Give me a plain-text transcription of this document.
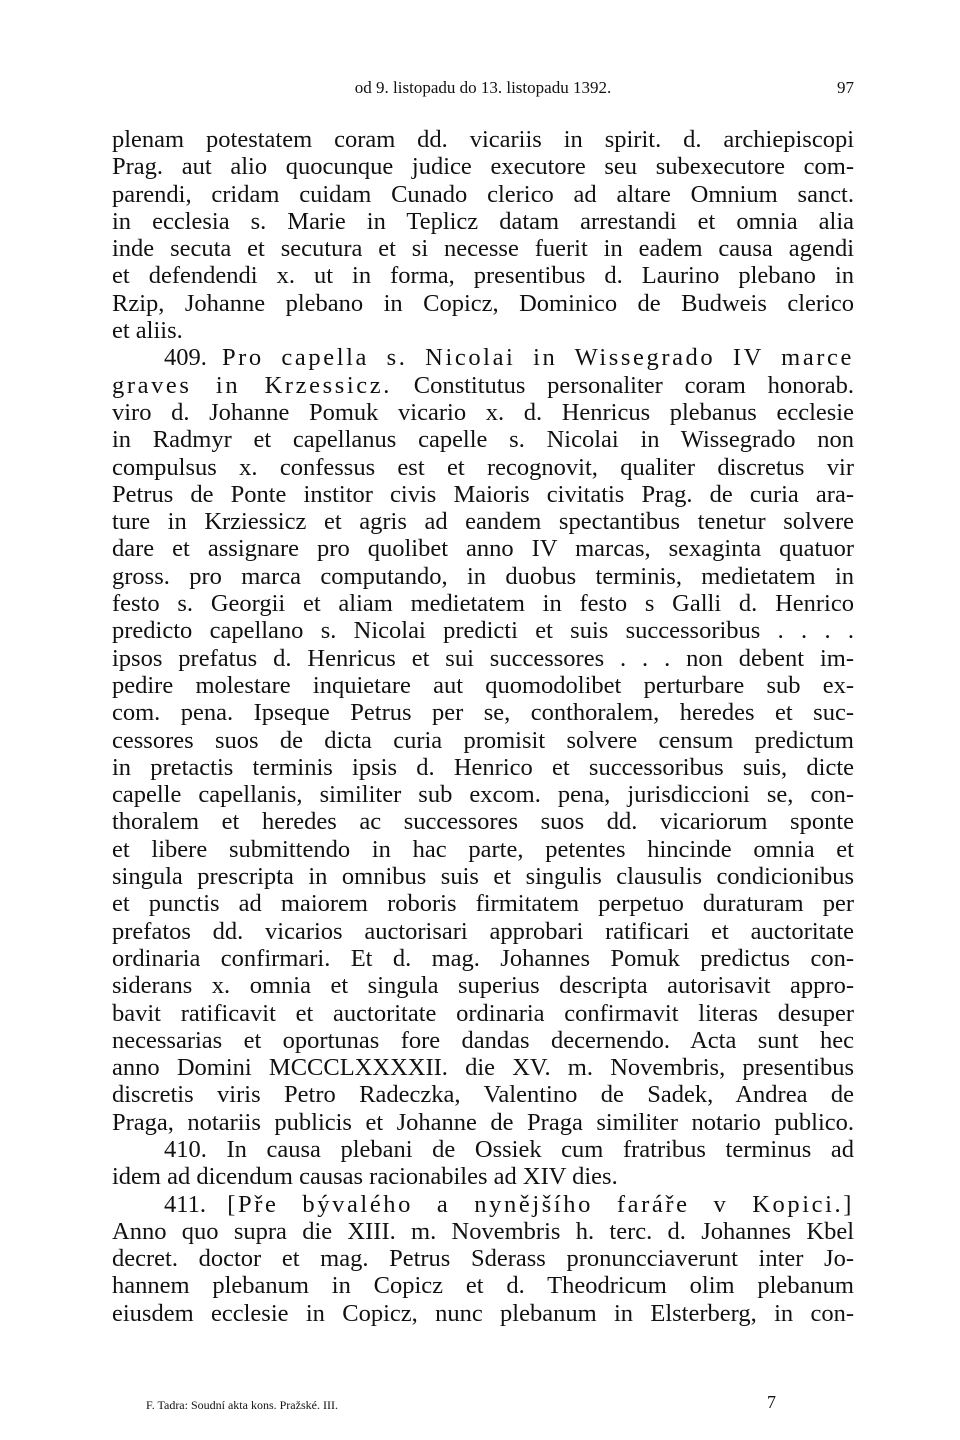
od 9. listopadu do 13. listopadu 1392.	97
plenam potestatem coram dd. vicariis in spirit. d. archiepiscopi
Prag. aut alio quocunque judice executore seu subexecutore com-
parendi, cridam cuidam Cunado clerico ad altare Omnium sanct.
in ecclesia s. Marie in Teplicz datam arrestandi et omnia alia
inde secuta et secutura et si necesse fuerit in eadem causa agendi
et defendendi x. ut in forma, presentibus d. Laurino plebano in
Rzip, Johanne plebano in Copicz, Dominico de Budweis clerico
et aliis.
409. Pro capella s. Nicolai in Wissegrado IV marce
graves in Krzessicz. Constitutus personaliter coram honorab.
viro d. Johanne Pomuk vicario x. d. Henricus plebanus ecclesie
in Radmyr et capellanus capelle s. Nicolai in Wissegrado non
compulsus x. confessus est et recognovit, qualiter discretus vir
Petrus de Ponte institor civis Maioris civitatis Prag. de curia ara-
ture in Krziessicz et agris ad eandem spectantibus tenetur solvere
dare et assignare pro quolibet anno IV marcas, sexaginta quatuor
gross. pro marca computando, in duobus terminis, medietatem in
festo s. Georgii et aliam medietatem in festo s Galli d. Henrico
predicto capellano s. Nicolai predicti et suis successoribus . . . .
ipsos prefatus d. Henricus et sui successores . . . non debent im-
pedire molestare inquietare aut quomodolibet perturbare sub ex-
com. pena. Ipseque Petrus per se, conthoralem, heredes et suc-
cessores suos de dicta curia promisit solvere censum predictum
in pretactis terminis ipsis d. Henrico et successoribus suis, dicte
capelle capellanis, similiter sub excom. pena, jurisdiccioni se, con-
thoralem et heredes ac successores suos dd. vicariorum sponte
et libere submittendo in hac parte, petentes hincinde omnia et
singula prescripta in omnibus suis et singulis clausulis condicionibus
et punctis ad maiorem roboris firmitatem perpetuo duraturam per
prefatos dd. vicarios auctorisari approbari ratificari et auctoritate
ordinaria confirmari. Et d. mag. Johannes Pomuk predictus con-
siderans x. omnia et singula superius descripta autorisavit appro-
bavit ratificavit et auctoritate ordinaria confirmavit literas desuper
necessarias et oportunas fore dandas decernendo. Acta sunt hec
anno Domini MCCCLXXXXII. die XV. m. Novembris, presentibus
discretis viris Petro Radeczka, Valentino de Sadek, Andrea de
Praga, notariis publicis et Johanne de Praga similiter notario publico.
410. In causa plebani de Ossiek cum fratribus terminus ad
idem ad dicendum causas racionabiles ad XIV dies.
411. [Pře bývalého a nynějšího faráře v Kopici.]
Anno quo supra die XIII. m. Novembris h. terc. d. Johannes Kbel
decret. doctor et mag. Petrus Sderass pronuncciaverunt inter Jo-
hannem plebanum in Copicz et d. Theodricum olim plebanum
eiusdem ecclesie in Copicz, nunc plebanum in Elsterberg, in con-
F. Tadra: Soudní akta kons. Pražské. III.	7
